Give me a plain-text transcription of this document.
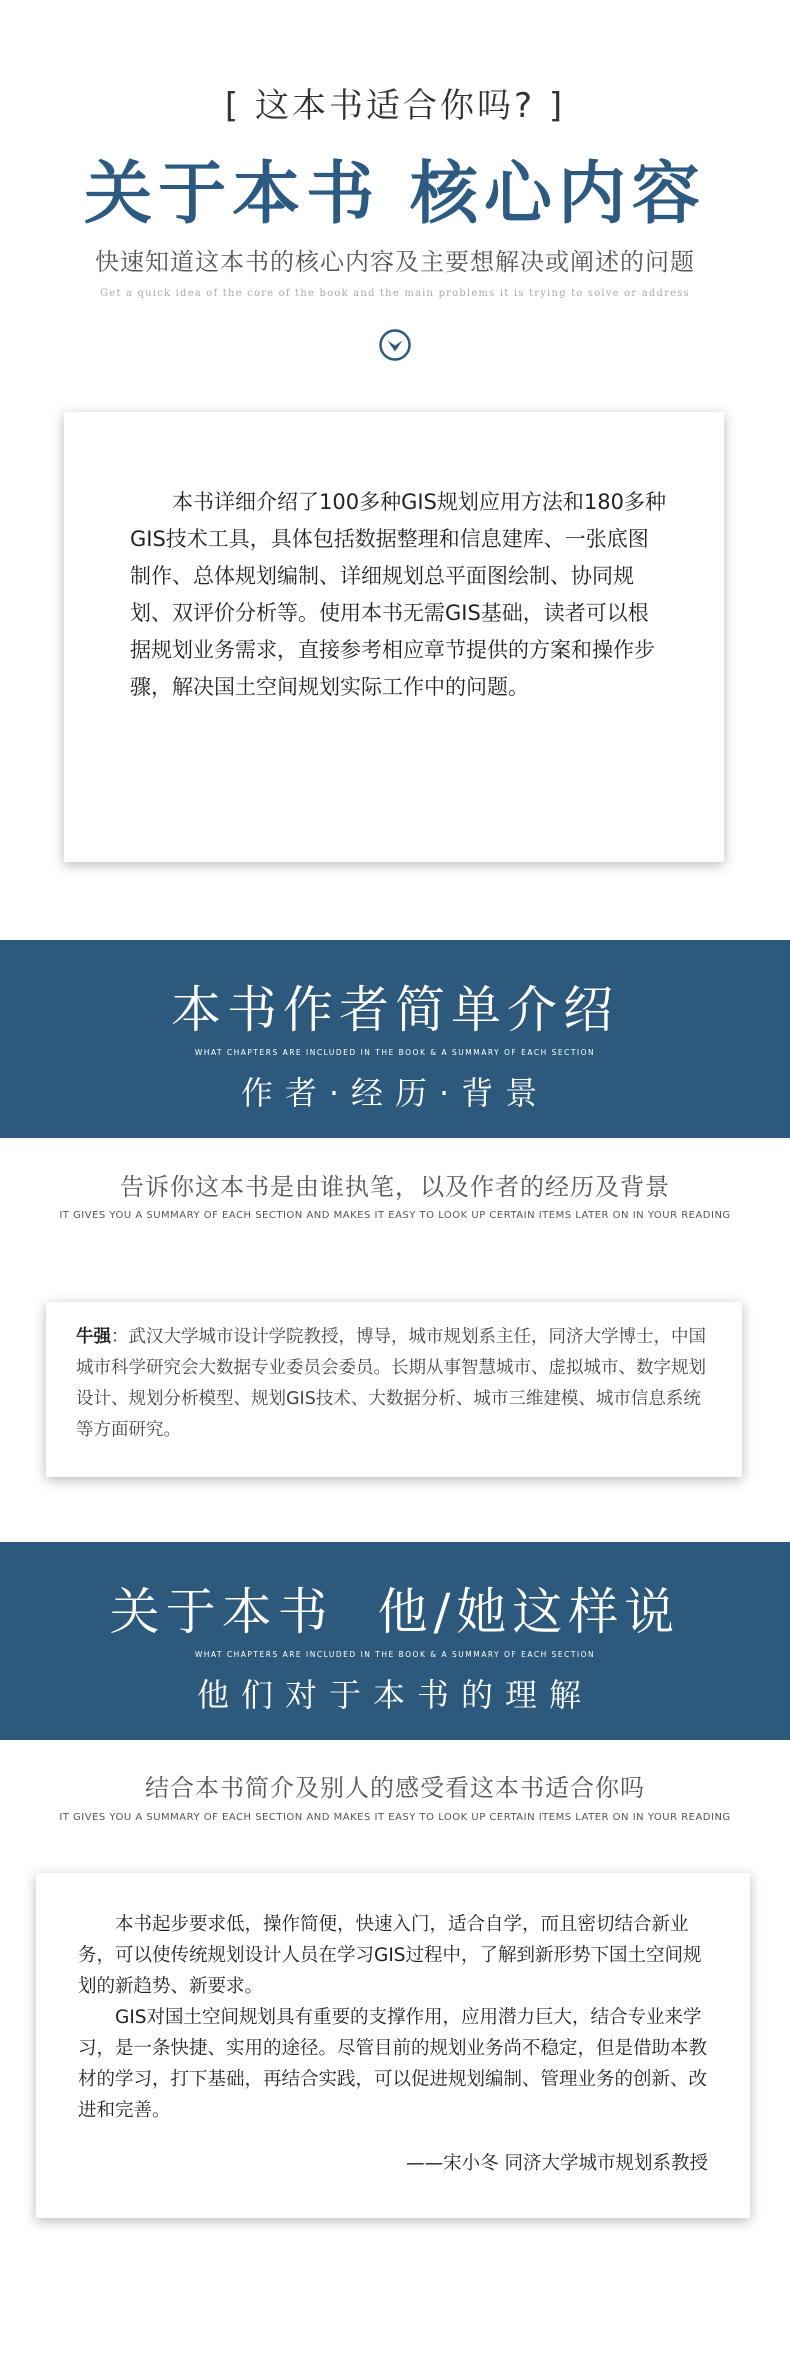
[ 这本书适合你吗? ]
关于本书 核心内容
快速知道这本书的核心内容及主要想解决或阐述的问题
Get a quick idea of the core of the book and the main problems it is trying to solve or address

本书详细介绍了100多种GIS规划应用方法和180多种GIS技术工具，具体包括数据整理和信息建库、一张底图制作、总体规划编制、详细规划总平面图绘制、协同规划、双评价分析等。使用本书无需GIS基础，读者可以根据规划业务需求，直接参考相应章节提供的方案和操作步骤，解决国土空间规划实际工作中的问题。

本书作者简单介绍
WHAT CHAPTERS ARE INCLUDED IN THE BOOK & A SUMMARY OF EACH SECTION
作者·经历·背景
告诉你这本书是由谁执笔，以及作者的经历及背景
IT GIVES YOU A SUMMARY OF EACH SECTION AND MAKES IT EASY TO LOOK UP CERTAIN ITEMS LATER ON IN YOUR READING

牛强：武汉大学城市设计学院教授，博导，城市规划系主任，同济大学博士，中国城市科学研究会大数据专业委员会委员。长期从事智慧城市、虚拟城市、数字规划设计、规划分析模型、规划GIS技术、大数据分析、城市三维建模、城市信息系统等方面研究。

关于本书  他/她这样说
WHAT CHAPTERS ARE INCLUDED IN THE BOOK & A SUMMARY OF EACH SECTION
他们对于本书的理解
结合本书简介及别人的感受看这本书适合你吗
IT GIVES YOU A SUMMARY OF EACH SECTION AND MAKES IT EASY TO LOOK UP CERTAIN ITEMS LATER ON IN YOUR READING

本书起步要求低，操作简便，快速入门，适合自学，而且密切结合新业务，可以使传统规划设计人员在学习GIS过程中，了解到新形势下国土空间规划的新趋势、新要求。

GIS对国土空间规划具有重要的支撑作用，应用潜力巨大，结合专业来学习，是一条快捷、实用的途径。尽管目前的规划业务尚不稳定，但是借助本教材的学习，打下基础，再结合实践，可以促进规划编制、管理业务的创新、改进和完善。

——宋小冬 同济大学城市规划系教授
